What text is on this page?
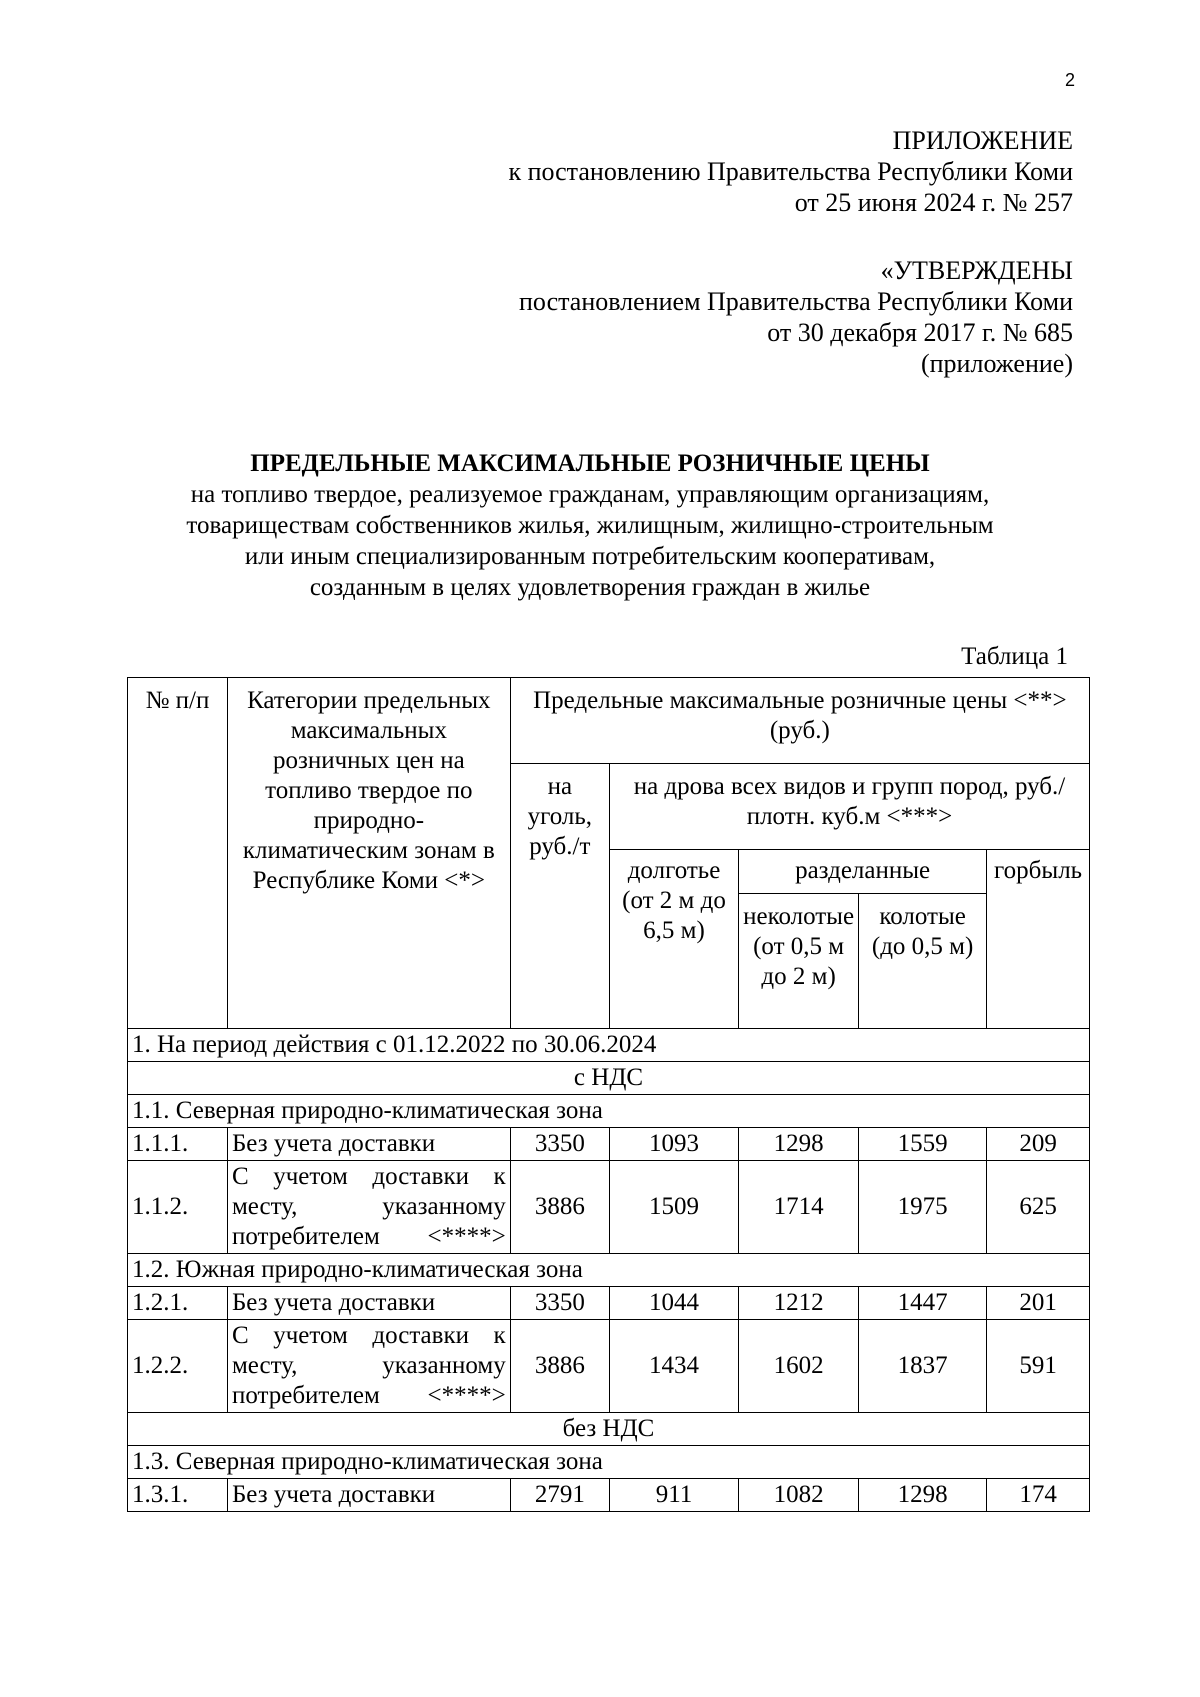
2
ПРИЛОЖЕНИЕ
к постановлению Правительства Республики Коми
от 25 июня 2024 г. № 257
«УТВЕРЖДЕНЫ
постановлением Правительства Республики Коми
от 30 декабря 2017 г. № 685
(приложение)
ПРЕДЕЛЬНЫЕ МАКСИМАЛЬНЫЕ РОЗНИЧНЫЕ ЦЕНЫ
на топливо твердое, реализуемое гражданам, управляющим организациям,
товариществам собственников жилья, жилищным, жилищно-строительным
или иным специализированным потребительским кооперативам,
созданным в целях удовлетворения граждан в жилье
Таблица 1
№ п/п	Категории предельных максимальных розничных цен на топливо твердое по природно-климатическим зонам в Республике Коми <*>	Предельные максимальные розничные цены <**> (руб.)				
		на уголь, руб./т	на дрова всех видов и групп пород, руб./плотн. куб.м <***>			
			долготье (от 2 м до 6,5 м)	разделанные		горбыль
				неколотые (от 0,5 м до 2 м)	колотые (до 0,5 м)	
1. На период действия с 01.12.2022 по 30.06.2024						
с НДС						
1.1. Северная природно-климатическая зона						
1.1.1.	Без учета доставки	3350	1093	1298	1559	209
1.1.2.	С учетом доставки к месту, указанному потребителем <****>	3886	1509	1714	1975	625
1.2. Южная природно-климатическая зона						
1.2.1.	Без учета доставки	3350	1044	1212	1447	201
1.2.2.	С учетом доставки к месту, указанному потребителем <****>	3886	1434	1602	1837	591
без НДС						
1.3. Северная природно-климатическая зона						
1.3.1.	Без учета доставки	2791	911	1082	1298	174
